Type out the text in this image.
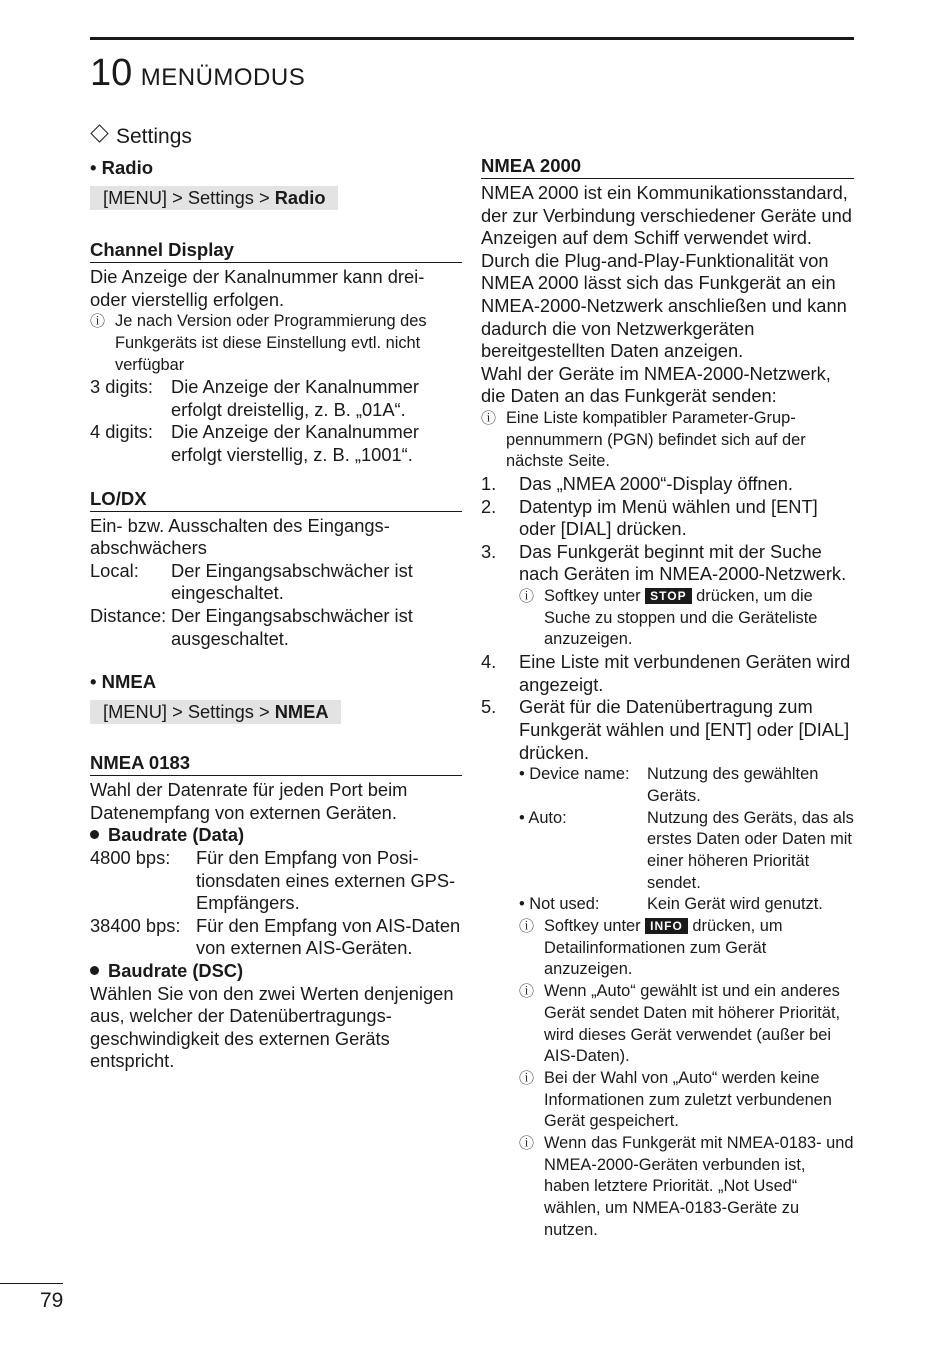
10 MENÜMODUS
Settings
• Radio
[MENU] > Settings > Radio
Channel Display
Die Anzeige der Kanalnummer kann drei- oder vierstellig erfolgen.
ⓘ Je nach Version oder Programmierung des Funkgeräts ist diese Einstellung evtl. nicht verfügbar
3 digits: Die Anzeige der Kanalnummer erfolgt dreistellig, z. B. „01A“.
4 digits: Die Anzeige der Kanalnummer erfolgt vierstellig, z. B. „1001“.
LO/DX
Ein- bzw. Ausschalten des Eingangsabschwächers
Local:	Der Eingangsabschwächer ist eingeschaltet.
Distance: Der Eingangsabschwächer ist ausgeschaltet.
• NMEA
[MENU] > Settings > NMEA
NMEA 0183
Wahl der Datenrate für jeden Port beim Datenempfang von externen Geräten.
Baudrate (Data)
4800 bps:	Für den Empfang von Positionsdaten eines externen GPS-Empfängers.
38400 bps: Für den Empfang von AIS-Daten von externen AIS-Geräten.
Baudrate (DSC)
Wählen Sie von den zwei Werten denjenigen aus, welcher der Datenübertragungsgeschwindigkeit des externen Geräts entspricht.
NMEA 2000
NMEA 2000 ist ein Kommunikationsstandard, der zur Verbindung verschiedener Geräte und Anzeigen auf dem Schiff verwendet wird.
Durch die Plug-and-Play-Funktionalität von NMEA 2000 lässt sich das Funkgerät an ein NMEA-2000-Netzwerk anschließen und kann dadurch die von Netzwerkgeräten bereitgestellten Daten anzeigen.
Wahl der Geräte im NMEA-2000-Netzwerk, die Daten an das Funkgerät senden:
ⓘ Eine Liste kompatibler Parameter-Gruppennummern (PGN) befindet sich auf der nächste Seite.
1.	Das „NMEA 2000“-Display öffnen.
2.	Datentyp im Menü wählen und [ENT] oder [DIAL] drücken.
3.	Das Funkgerät beginnt mit der Suche nach Geräten im NMEA-2000-Netzwerk.
ⓘ Softkey unter STOP drücken, um die Suche zu stoppen und die Geräteliste anzuzeigen.
4.	Eine Liste mit verbundenen Geräten wird angezeigt.
5.	Gerät für die Datenübertragung zum Funkgerät wählen und [ENT] oder [DIAL] drücken.
• Device name:	Nutzung des gewählten Geräts.
• Auto:	Nutzung des Geräts, das als erstes Daten oder Daten mit einer höheren Priorität sendet.
• Not used:	Kein Gerät wird genutzt.
ⓘ Softkey unter INFO drücken, um Detailinformationen zum Gerät anzuzeigen.
ⓘ Wenn „Auto“ gewählt ist und ein anderes Gerät sendet Daten mit höherer Priorität, wird dieses Gerät verwendet (außer bei AIS-Daten).
ⓘ Bei der Wahl von „Auto“ werden keine Informationen zum zuletzt verbundenen Gerät gespeichert.
ⓘ Wenn das Funkgerät mit NMEA-0183- und NMEA-2000-Geräten verbunden ist, haben letztere Priorität. „Not Used“ wählen, um NMEA-0183-Geräte zu nutzen.
79
